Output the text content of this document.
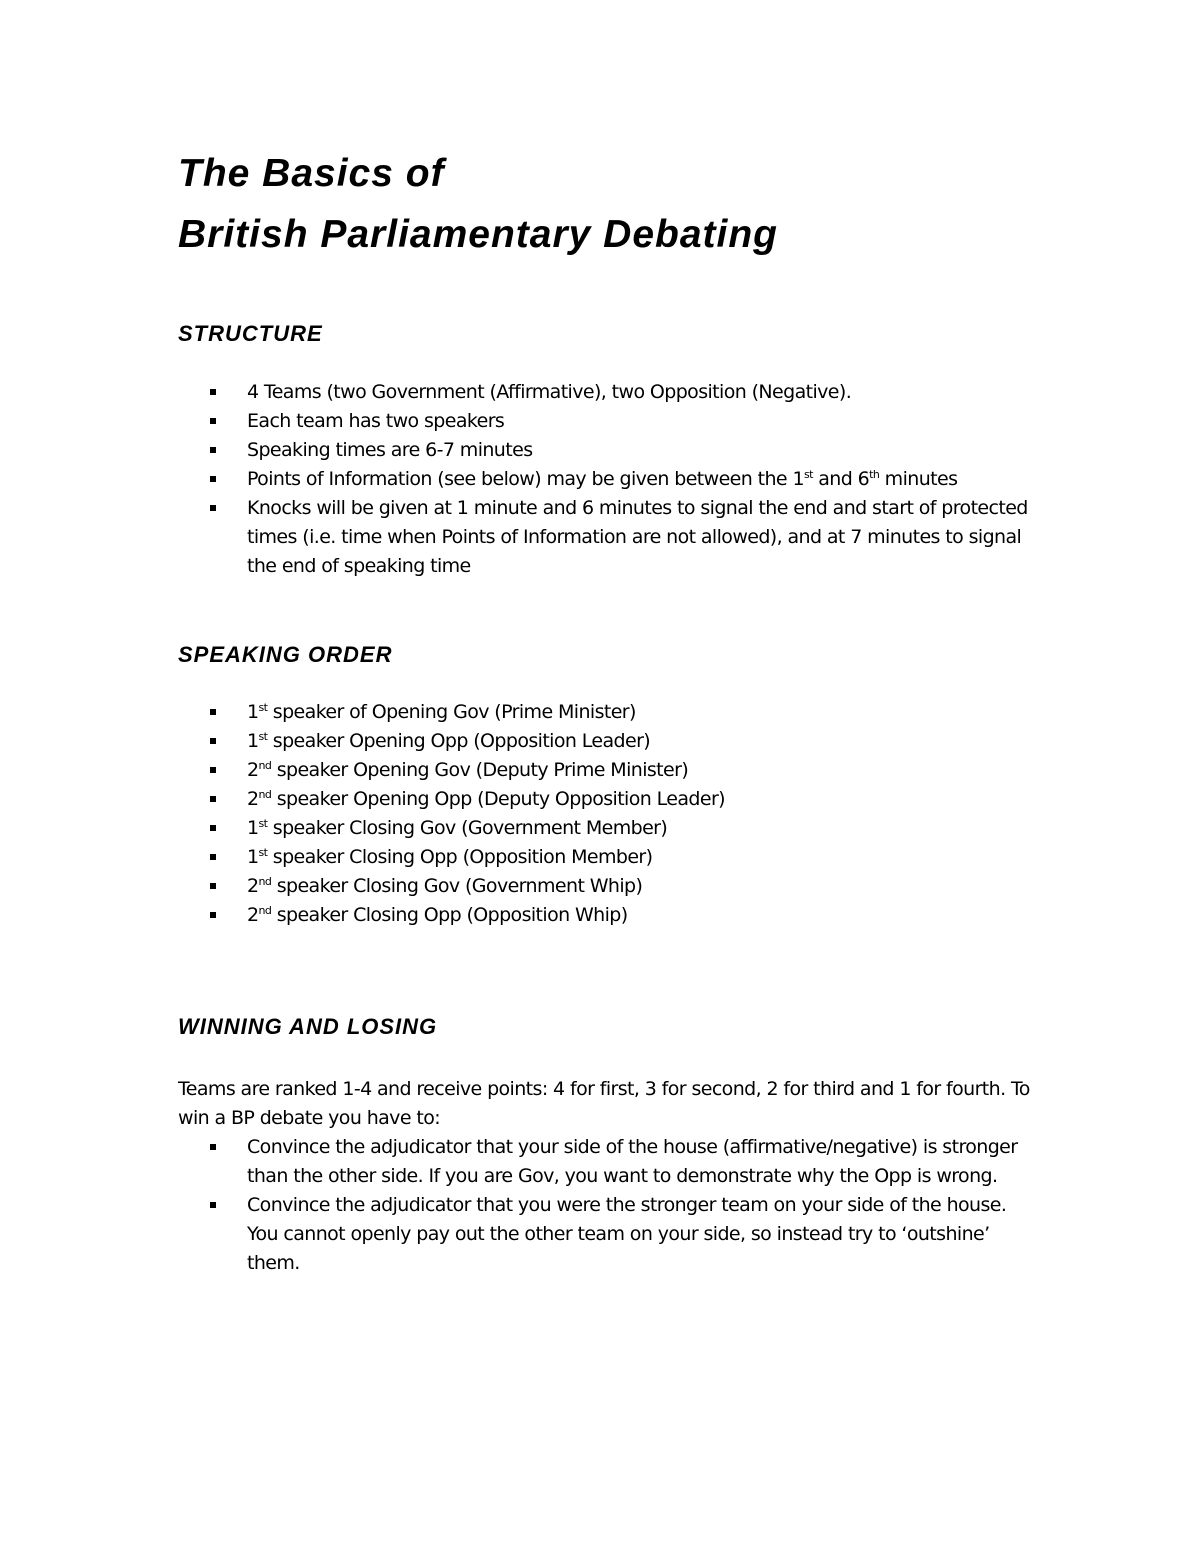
The Basics of
British Parliamentary Debating
STRUCTURE
4 Teams (two Government (Affirmative), two Opposition (Negative).
Each team has two speakers
Speaking times are 6-7 minutes
Points of Information (see below) may be given between the 1st and 6th minutes
Knocks will be given at 1 minute and 6 minutes to signal the end and start of protected times (i.e. time when Points of Information are not allowed), and at 7 minutes to signal the end of speaking time
SPEAKING ORDER
1st speaker of Opening Gov (Prime Minister)
1st speaker Opening Opp (Opposition Leader)
2nd speaker Opening Gov (Deputy Prime Minister)
2nd speaker Opening Opp (Deputy Opposition Leader)
1st speaker Closing Gov (Government Member)
1st speaker Closing Opp (Opposition Member)
2nd speaker Closing Gov (Government Whip)
2nd speaker Closing Opp (Opposition Whip)
WINNING AND LOSING

Teams are ranked 1-4 and receive points: 4 for first, 3 for second, 2 for third and 1 for fourth. To win a BP debate you have to:

Convince the adjudicator that your side of the house (affirmative/negative) is stronger than the other side. If you are Gov, you want to demonstrate why the Opp is wrong.
Convince the adjudicator that you were the stronger team on your side of the house. You cannot openly pay out the other team on your side, so instead try to ‘outshine’ them.
